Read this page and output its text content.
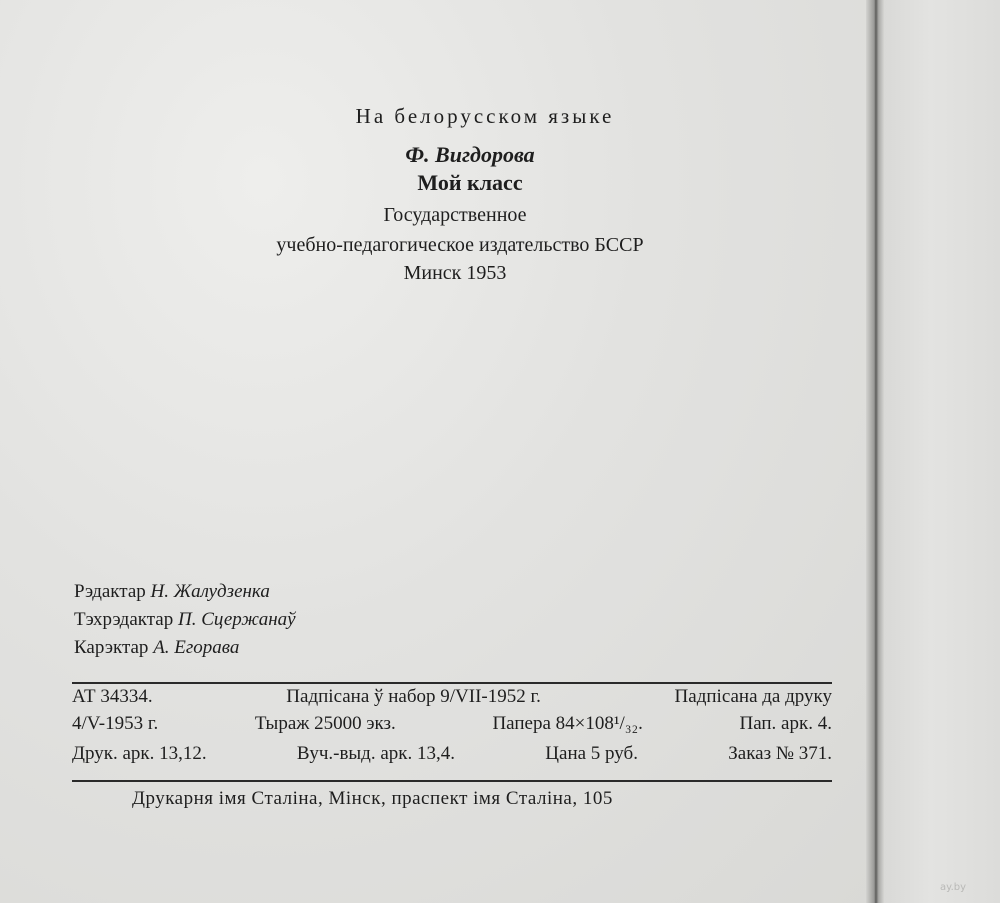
На белорусском языке
Ф. Вигдорова
Мой класс
Государственное
учебно-педагогическое издательство БССР
Минск 1953
Рэдактар Н. Жалудзенка
Тэхрэдактар П. Сцержанаў
Карэктар А. Егорава
АТ 34334.	Падпісана ў набор 9/VII-1952 г.	Падпісана да друку
4/V-1953 г.	Тыраж 25000 экз.	Папера 84×108¹/₃₂.	Пап. арк. 4.
Друк. арк. 13,12.	Вуч.-выд. арк. 13,4.	Цана 5 руб.	Заказ № 371.
Друкарня імя Сталіна, Мінск, праспект імя Сталіна, 105
ay.by
